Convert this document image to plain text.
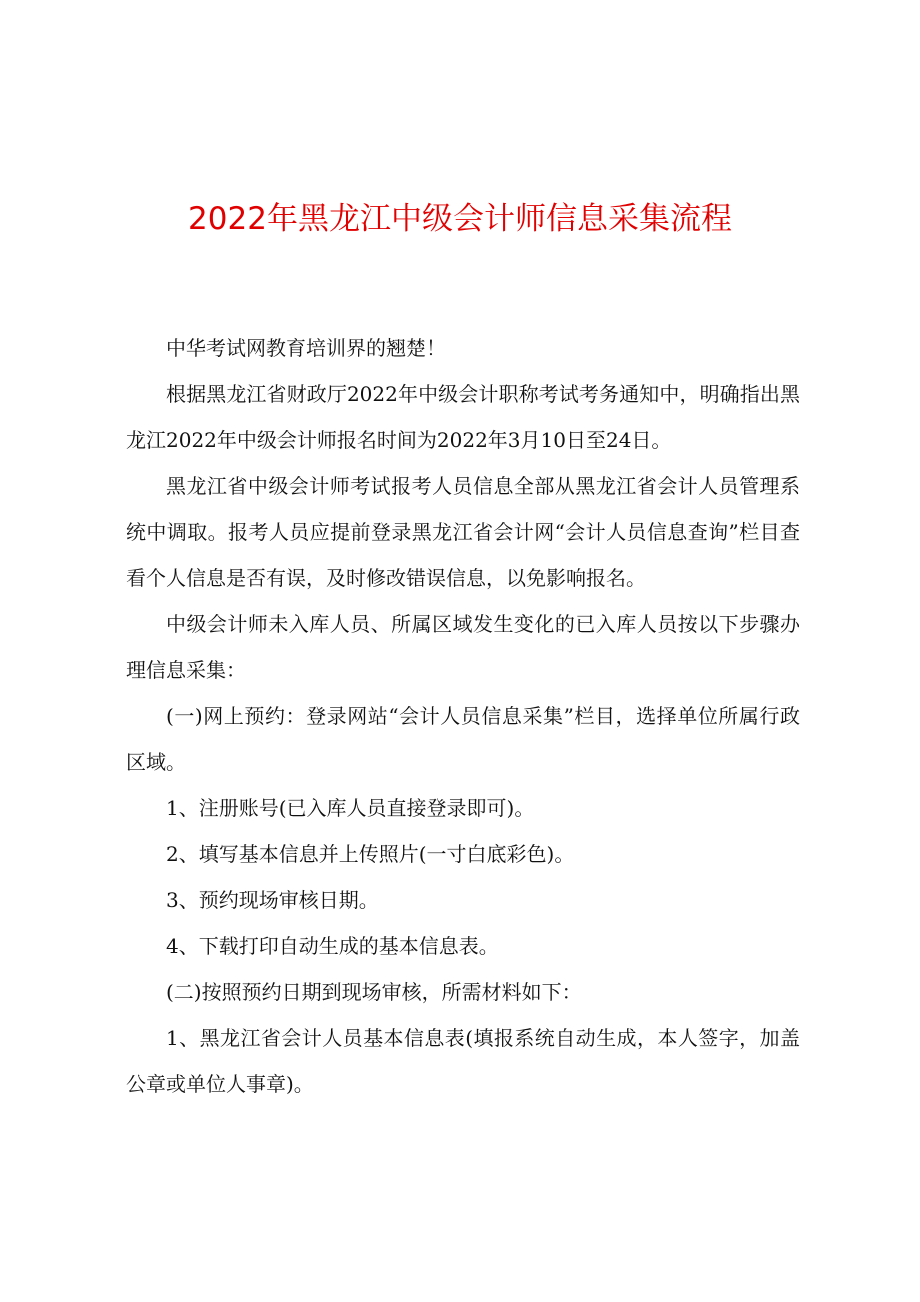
2022年黑龙江中级会计师信息采集流程

中华考试网教育培训界的翘楚！

根据黑龙江省财政厅2022年中级会计职称考试考务通知中，明确指出黑龙江2022年中级会计师报名时间为2022年3月10日至24日。

黑龙江省中级会计师考试报考人员信息全部从黑龙江省会计人员管理系统中调取。报考人员应提前登录黑龙江省会计网“会计人员信息查询”栏目查看个人信息是否有误，及时修改错误信息，以免影响报名。

中级会计师未入库人员、所属区域发生变化的已入库人员按以下步骤办理信息采集：

(一)网上预约：登录网站“会计人员信息采集”栏目，选择单位所属行政区域。

1、注册账号(已入库人员直接登录即可)。

2、填写基本信息并上传照片(一寸白底彩色)。

3、预约现场审核日期。

4、下载打印自动生成的基本信息表。

(二)按照预约日期到现场审核，所需材料如下：

1、黑龙江省会计人员基本信息表(填报系统自动生成，本人签字，加盖公章或单位人事章)。
